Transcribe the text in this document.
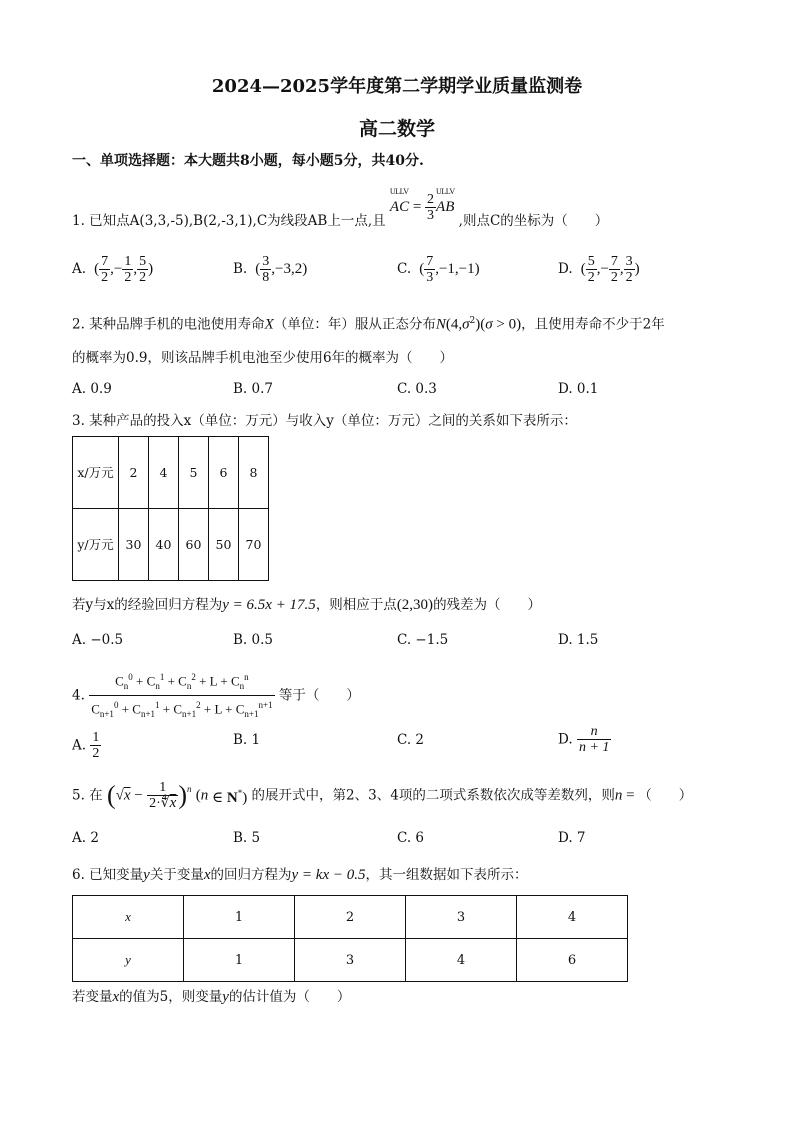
2024—2025学年度第二学期学业质量监测卷
高二数学
一、单项选择题：本大题共8小题，每小题5分，共40分.
1. 已知点A(3,3,-5),B(2,-3,1),C为线段AB上一点,且 AC
ULLV
= $\frac{2}{3}$ AB
ULLV
,则点C的坐标为（　　）
A.  ( $\frac{7}{2}$ ,− $\frac{1}{2}$ , $\frac{5}{2}$ )	B.  ( $\frac{3}{8} ,-3,2$)	C.  ( $\frac{7}{3} ,-1,-1$)	D.  ( $\frac{5}{2}$ ,− $\frac{7}{2}$ , $\frac{3}{2}$ )
2. 某种品牌手机的电池使用寿命X（单位：年）服从正态分布$N(4,\sigma^2)(\sigma > 0)$，且使用寿命不少于2年
的概率为0.9，则该品牌手机电池至少使用6年的概率为（　　）
A. 0.9	B. 0.7	C. 0.3	D. 0.1
3. 某种产品的投入x（单位：万元）与收入y（单位：万元）之间的关系如下表所示：
x/万元	2	4	5	6	8
y/万元	30	40	60	50	70
若y与x的经验回归方程为y = 6.5x + 17.5，则相应于点(2,30)的残差为（　　）
A. −0.5	B. 0.5	C. −1.5	D. 1.5
4. $\frac{C_n^0 + C_n^1 + C_n^2 + L + C_n^n}{C_{n+1}^0 + C_{n+1}^1 + C_{n+1}^2 + L + C_{n+1}^{n+1}}$ 等于（　　）
A. $\frac{1}{2}$	B. 1	C. 2	D. $\frac{n}{n + 1}$
5. 在 $(√x - \frac{1}{2\cdot∜\overline{x}} )^n$ (n ∈ N*) 的展开式中，第2、3、4项的二项式系数依次成等差数列，则n = （　　）
A. 2	B. 5	C. 6	D. 7
6. 已知变量y关于变量x的回归方程为y = kx − 0.5，其一组数据如下表所示：
x	1	2	3	4
y	1	3	4	6
若变量x的值为5，则变量y的估计值为（　　）
